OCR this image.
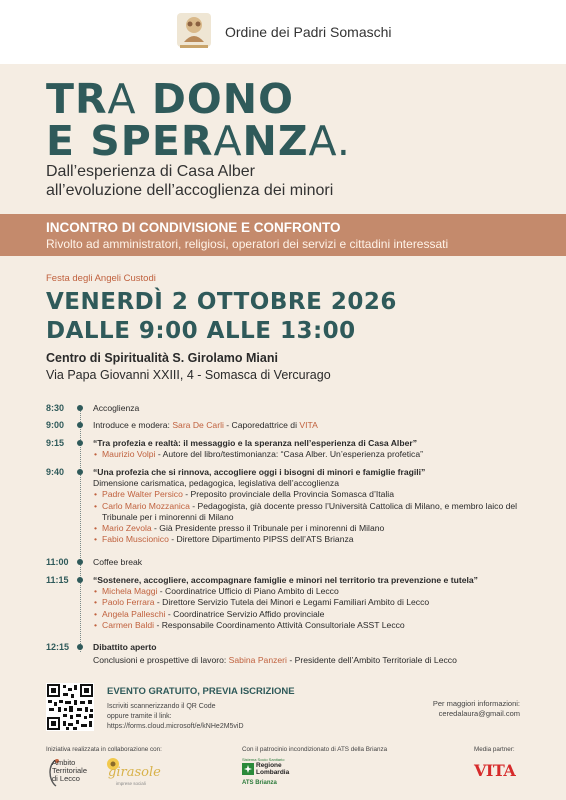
Ordine dei Padri Somaschi
TRA DONO
E SPERANZA.
Dall’esperienza di Casa Alber
all’evoluzione dell’accoglienza dei minori
INCONTRO DI CONDIVISIONE E CONFRONTO
Rivolto ad amministratori, religiosi, operatori dei servizi e cittadini interessati
Festa degli Angeli Custodi
VENERDÌ 2 OTTOBRE 2026
DALLE 9:00 ALLE 13:00
Centro di Spiritualità S. Girolamo Miani
Via Papa Giovanni XXIII, 4 - Somasca di Vercurago
8:30	Accoglienza
9:00	Introduce e modera: Sara De Carli - Caporedattrice di VITA
9:15	“Tra profezia e realtà: il messaggio e la speranza nell’esperienza di Casa Alber”
• Maurizio Volpi - Autore del libro/testimonianza: “Casa Alber. Un’esperienza profetica”
9:40	“Una profezia che si rinnova, accogliere oggi i bisogni di minori e famiglie fragili”
Dimensione carismatica, pedagogica, legislativa dell’accoglienza
• Padre Walter Persico - Preposito provinciale della Provincia Somasca d’Italia
• Carlo Mario Mozzanica - Pedagogista, già docente presso l’Università Cattolica di Milano, e membro laico del Tribunale per i minorenni di Milano
• Mario Zevola - Già Presidente presso il Tribunale per i minorenni di Milano
• Fabio Muscionico - Direttore Dipartimento PIPSS dell’ATS Brianza
11:00	Coffee break
11:15	“Sostenere, accogliere, accompagnare famiglie e minori nel territorio tra prevenzione e tutela”
• Michela Maggi - Coordinatrice Ufficio di Piano Ambito di Lecco
• Paolo Ferrara - Direttore Servizio Tutela dei Minori e Legami Familiari Ambito di Lecco
• Angela Palleschi - Coordinatrice Servizio Affido provinciale
• Carmen Baldi - Responsabile Coordinamento Attività Consultoriale ASST Lecco
12:15	Dibattito aperto
Conclusioni e prospettive di lavoro: Sabina Panzeri - Presidente dell’Ambito Territoriale di Lecco
EVENTO GRATUITO, PREVIA ISCRIZIONE
Iscriviti scannerizzando il QR Code
oppure tramite il link:
https://forms.cloud.microsoft/e/kNHe2M5viD
Per maggiori informazioni:
ceredalaura@gmail.com
Iniziativa realizzata in collaborazione con:	Con il patrocinio incondizionato di ATS della Brianza	Media partner:
Ambito
Territoriale
di Lecco	girasole
imprese sociali
Sistema Socio Sanitario
Regione
Lombardia
ATS Brianza
VITA
